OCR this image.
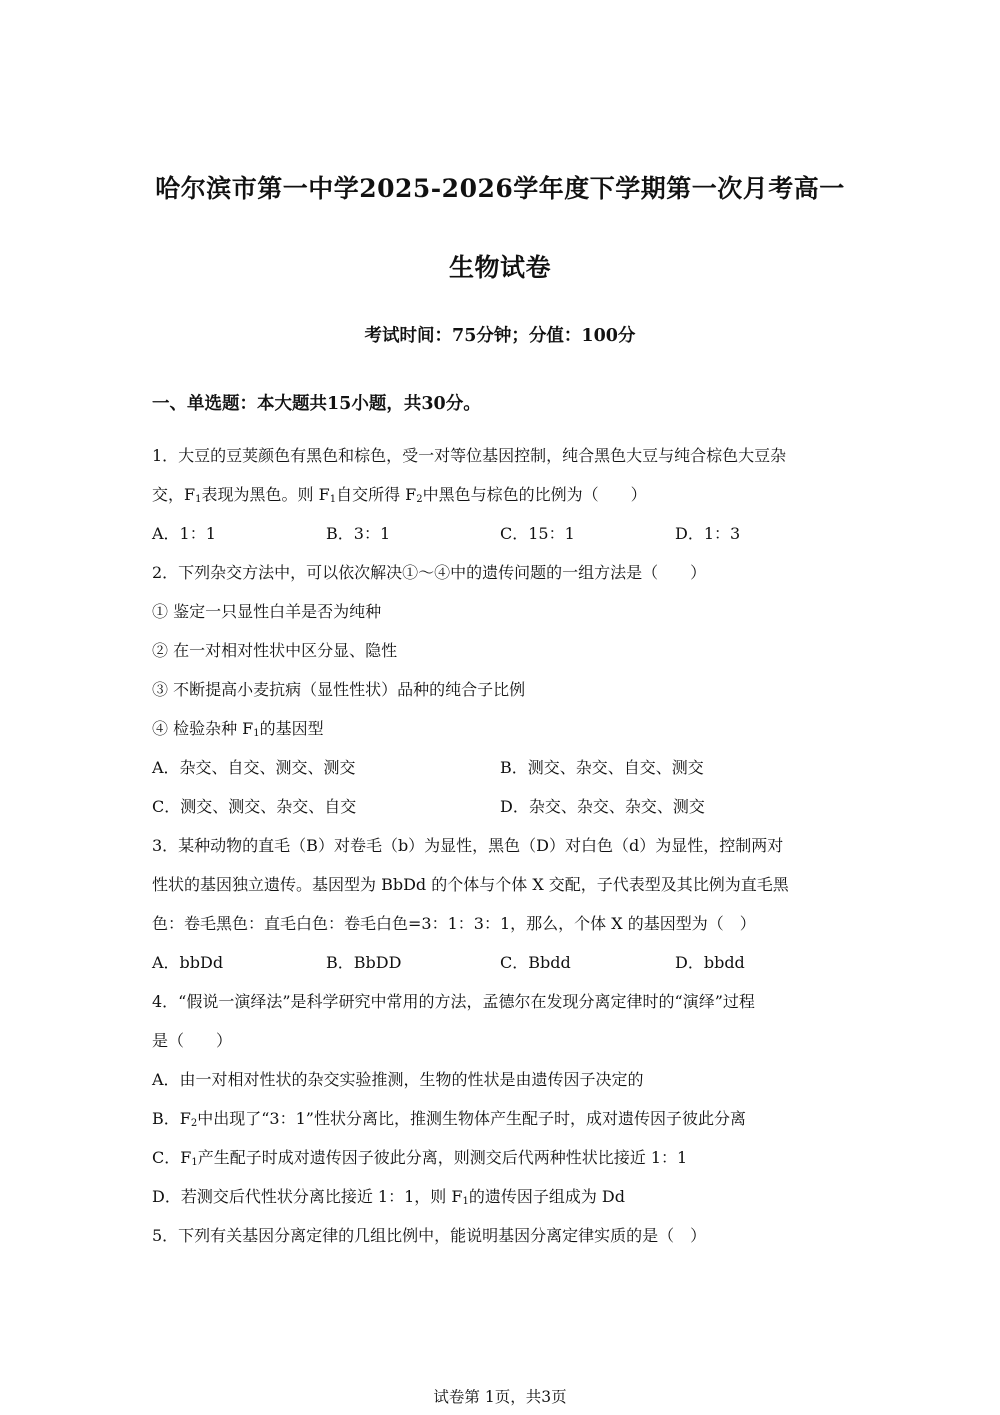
哈尔滨市第一中学2025-2026学年度下学期第一次月考高一
生物试卷
考试时间：75分钟；分值：100分
一、单选题：本大题共15小题，共30分。
1．大豆的豆荚颜色有黑色和棕色，受一对等位基因控制，纯合黑色大豆与纯合棕色大豆杂
交，$F_1$表现为黑色。则 $F_1$自交所得 $F_2$中黑色与棕色的比例为（　　）
A．1：1	B．3：1	C．15：1	D．1：3
2．下列杂交方法中，可以依次解决①～④中的遗传问题的一组方法是（　　）
① 鉴定一只显性白羊是否为纯种
② 在一对相对性状中区分显、隐性
③ 不断提高小麦抗病（显性性状）品种的纯合子比例
④ 检验杂种 $F_1$的基因型
A．杂交、自交、测交、测交	B．测交、杂交、自交、测交
C．测交、测交、杂交、自交	D．杂交、杂交、杂交、测交
3．某种动物的直毛（B）对卷毛（b）为显性，黑色（D）对白色（d）为显性，控制两对
性状的基因独立遗传。基因型为 BbDd 的个体与个体 X 交配，子代表型及其比例为直毛黑
色：卷毛黑色：直毛白色：卷毛白色=3：1：3：1，那么，个体 X 的基因型为（　）
A．bbDd	B．BbDD	C．Bbdd	D．bbdd
4．“假说一演绎法”是科学研究中常用的方法，孟德尔在发现分离定律时的“演绎”过程
是（　　）
A．由一对相对性状的杂交实验推测，生物的性状是由遗传因子决定的
B．$F_2$中出现了“3：1”性状分离比，推测生物体产生配子时，成对遗传因子彼此分离
C．$F_1$产生配子时成对遗传因子彼此分离，则测交后代两种性状比接近 1：1
D．若测交后代性状分离比接近 1：1，则 $F_1$的遗传因子组成为 Dd
5．下列有关基因分离定律的几组比例中，能说明基因分离定律实质的是（　）
试卷第 1页，共3页
